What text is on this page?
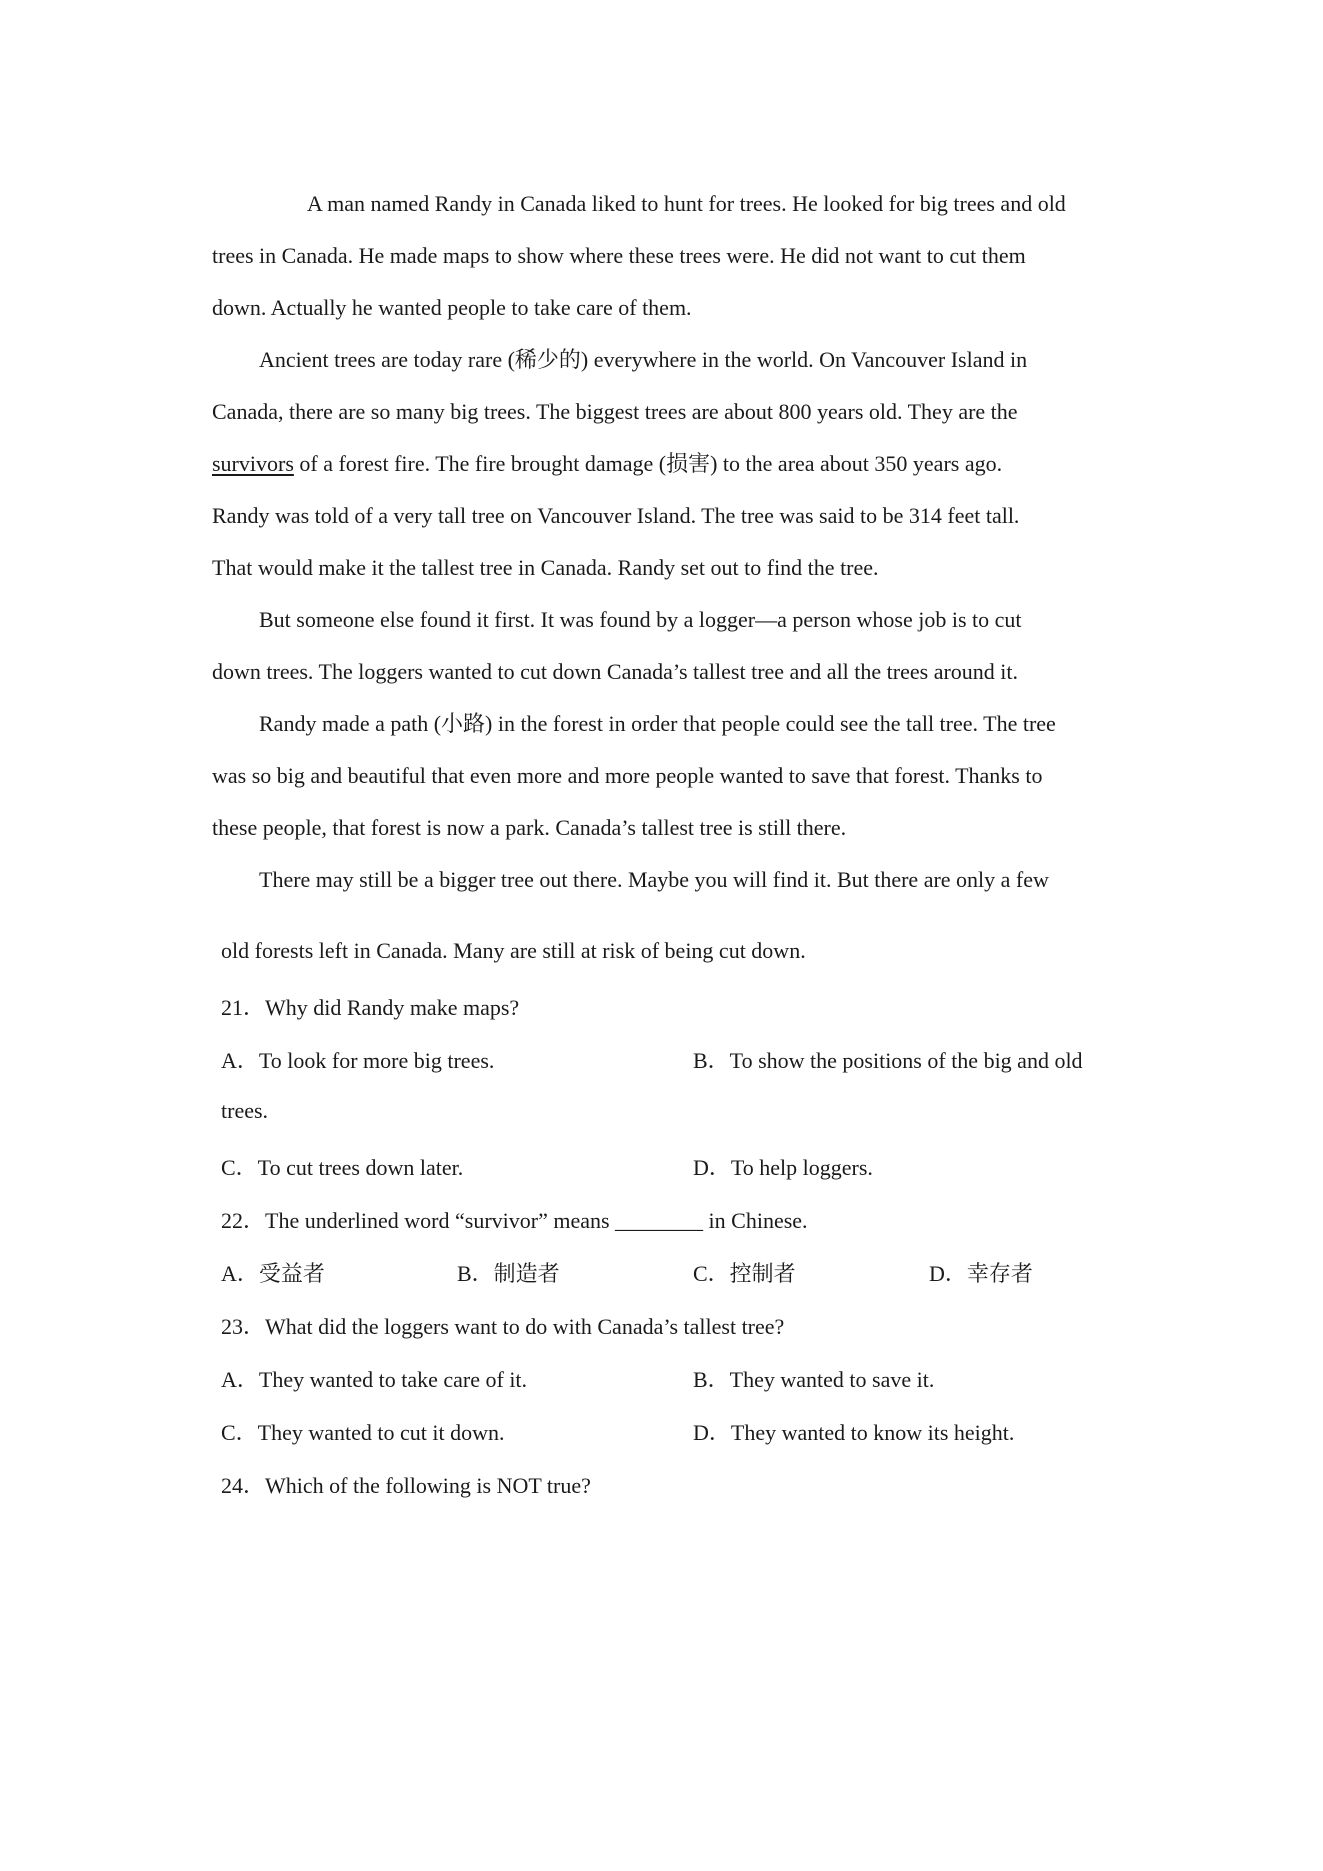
A man named Randy in Canada liked to hunt for trees. He looked for big trees and old

trees in Canada. He made maps to show where these trees were. He did not want to cut them

down. Actually he wanted people to take care of them.

Ancient trees are today rare (稀少的) everywhere in the world. On Vancouver Island in

Canada, there are so many big trees. The biggest trees are about 800 years old. They are the

survivors of a forest fire. The fire brought damage (损害) to the area about 350 years ago.

Randy was told of a very tall tree on Vancouver Island. The tree was said to be 314 feet tall.

That would make it the tallest tree in Canada. Randy set out to find the tree.

But someone else found it first. It was found by a logger—a person whose job is to cut

down trees. The loggers wanted to cut down Canada’s tallest tree and all the trees around it.

Randy made a path (小路) in the forest in order that people could see the tall tree. The tree

was so big and beautiful that even more and more people wanted to save that forest. Thanks to

these people, that forest is now a park. Canada’s tallest tree is still there.

There may still be a bigger tree out there. Maybe you will find it. But there are only a few

old forests left in Canada. Many are still at risk of being cut down.
21．Why did Randy make maps?
A．To look for more big trees.	B．To show the positions of the big and old
trees.
C．To cut trees down later.	D．To help loggers.
22．The underlined word “survivor” means ________ in Chinese.
A．受益者	B．制造者	C．控制者	D．幸存者
23．What did the loggers want to do with Canada’s tallest tree?
A．They wanted to take care of it.	B．They wanted to save it.
C．They wanted to cut it down.	D．They wanted to know its height.
24．Which of the following is NOT true?
